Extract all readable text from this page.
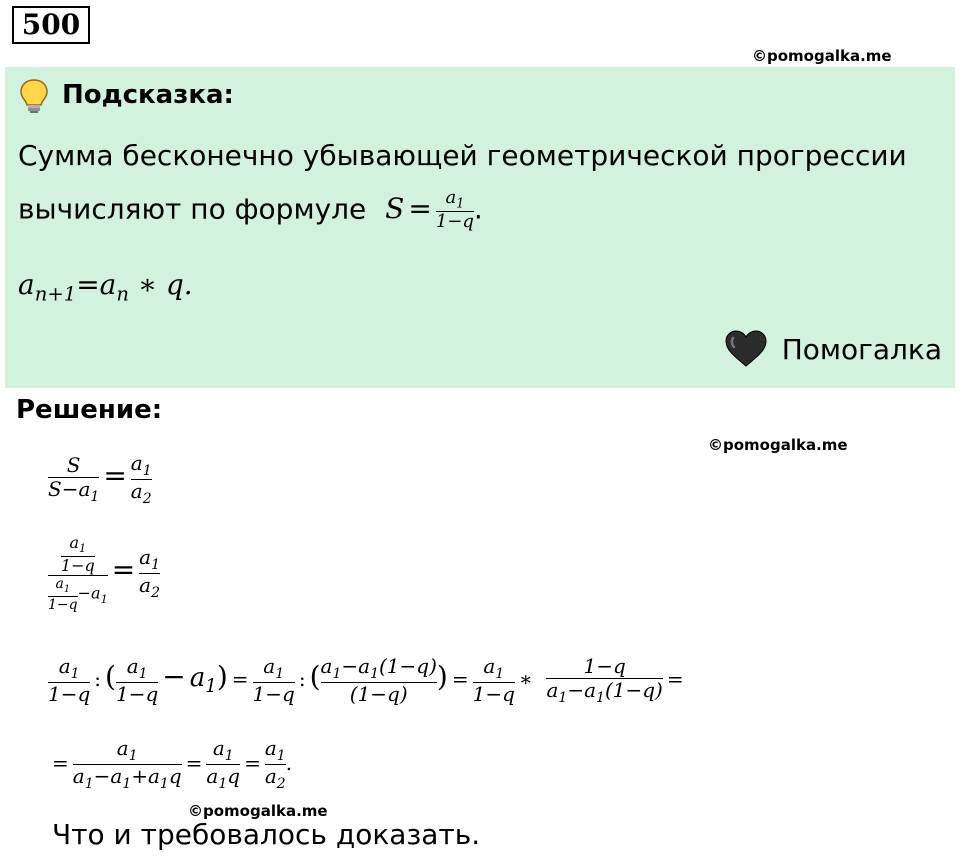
500
©pomogalka.me
Подсказка:
Сумма бесконечно убывающей геометрической прогрессии
вычисляют по формуле $S = \frac{a_1}{1-q}$ .
$a_{n+1}=a_n$ ∗ q.
Помогалка
Решение:
©pomogalka.me
$\frac{S}{S-a_1} = \frac{a_1}{a_2}$
$\frac{\frac{a_1}{1-q}}{\frac{a_1}{1-q} -a_1} = \frac{a_1}{a_2}$
$\frac{a_1}{1-q}$ : ( $\frac{a_1}{1-q} - a_1) = \frac{a_1}{1-q}$ : ( $\frac{a_1-a_1(1-q)}{(1-q)}$ ) = $\frac{a_1}{1-q}$ ∗ $\frac{1-q}{a_1-a_1(1-q)}$ =
= $\frac{a_1}{a_1-a_1+a_1q} = \frac{a_1}{a_1q} = \frac{a_1}{a_2}$ .
©pomogalka.me
Что и требовалось доказать.
